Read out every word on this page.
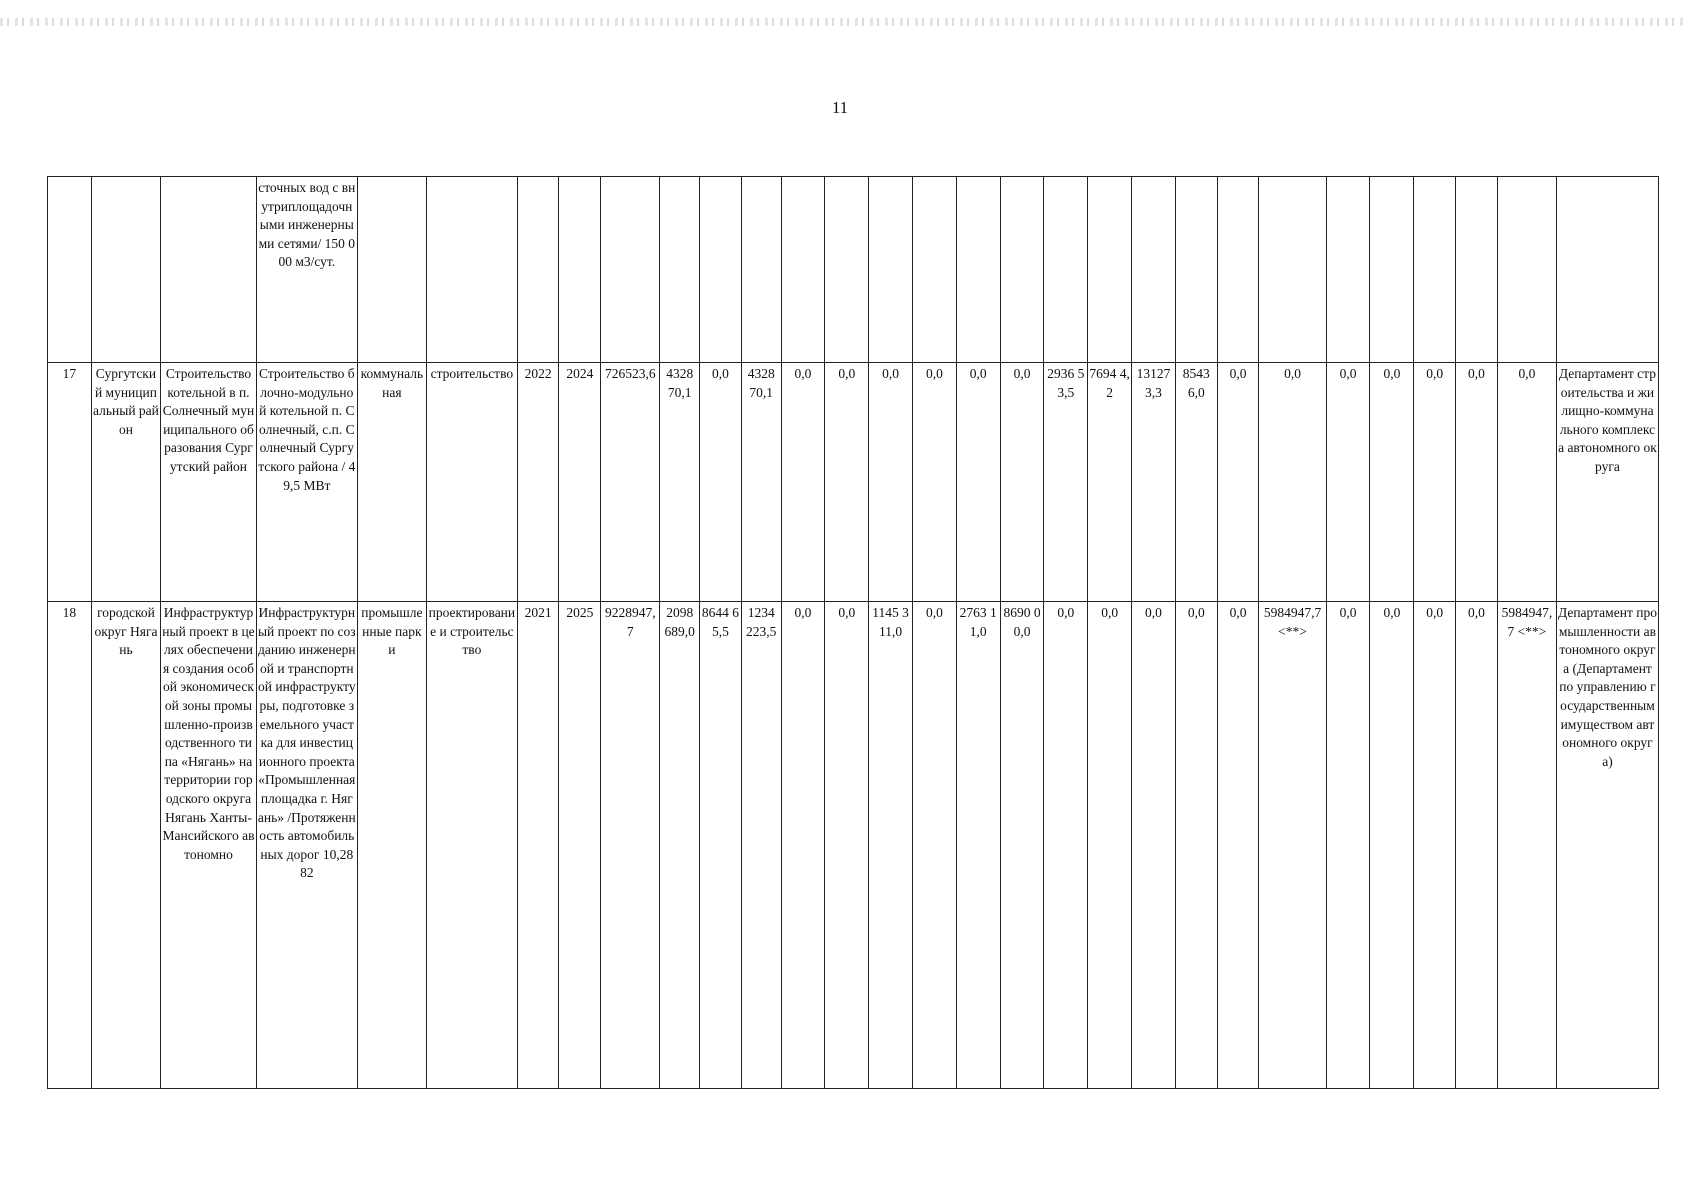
11
			сточных вод с внутриплощадочными инженерными сетями/ 150 000 м3/сут.																										
17	Сургутский муниципальный район	Строительство котельной в п. Солнечный муниципального образования Сургутский район	Строительство блочно-модульной котельной п. Солнечный, с.п. Солнечный Сургутского района / 49,5 МВт	коммунальная	строительство	2022	2024	726523,6	4328 70,1	0,0	4328 70,1	0,0	0,0	0,0	0,0	0,0	0,0	2936 53,5	7694 4,2	131273,3	8543 6,0	0,0	0,0	0,0	0,0	0,0	0,0	0,0	Департамент строительства и жилищно-коммунального комплекса автономного округа
18	городской округ Нягань	Инфраструктурный проект в целях обеспечения создания особой экономической зоны промышленно-производственного типа «Нягань» на территории городского округа Нягань Ханты-Мансийского автономно	Инфраструктурный проект по созданию инженерной и транспортной инфраструктуры, подготовке земельного участка для инвестиционного проекта «Промышленная площадка г. Нягань» /Протяженность автомобильных дорог 10,2882	промышленные парки	проектирование и строительство	2021	2025	9228947,7	2098 689,0	8644 65,5	1234 223,5	0,0	0,0	1145 311,0	0,0	2763 11,0	8690 00,0	0,0	0,0	0,0	0,0	0,0	5984947,7 <**>	0,0	0,0	0,0	0,0	5984947,7 <**>	Департамент промышленности автономного округа (Департамент по управлению государственным имуществом автономного округа)
